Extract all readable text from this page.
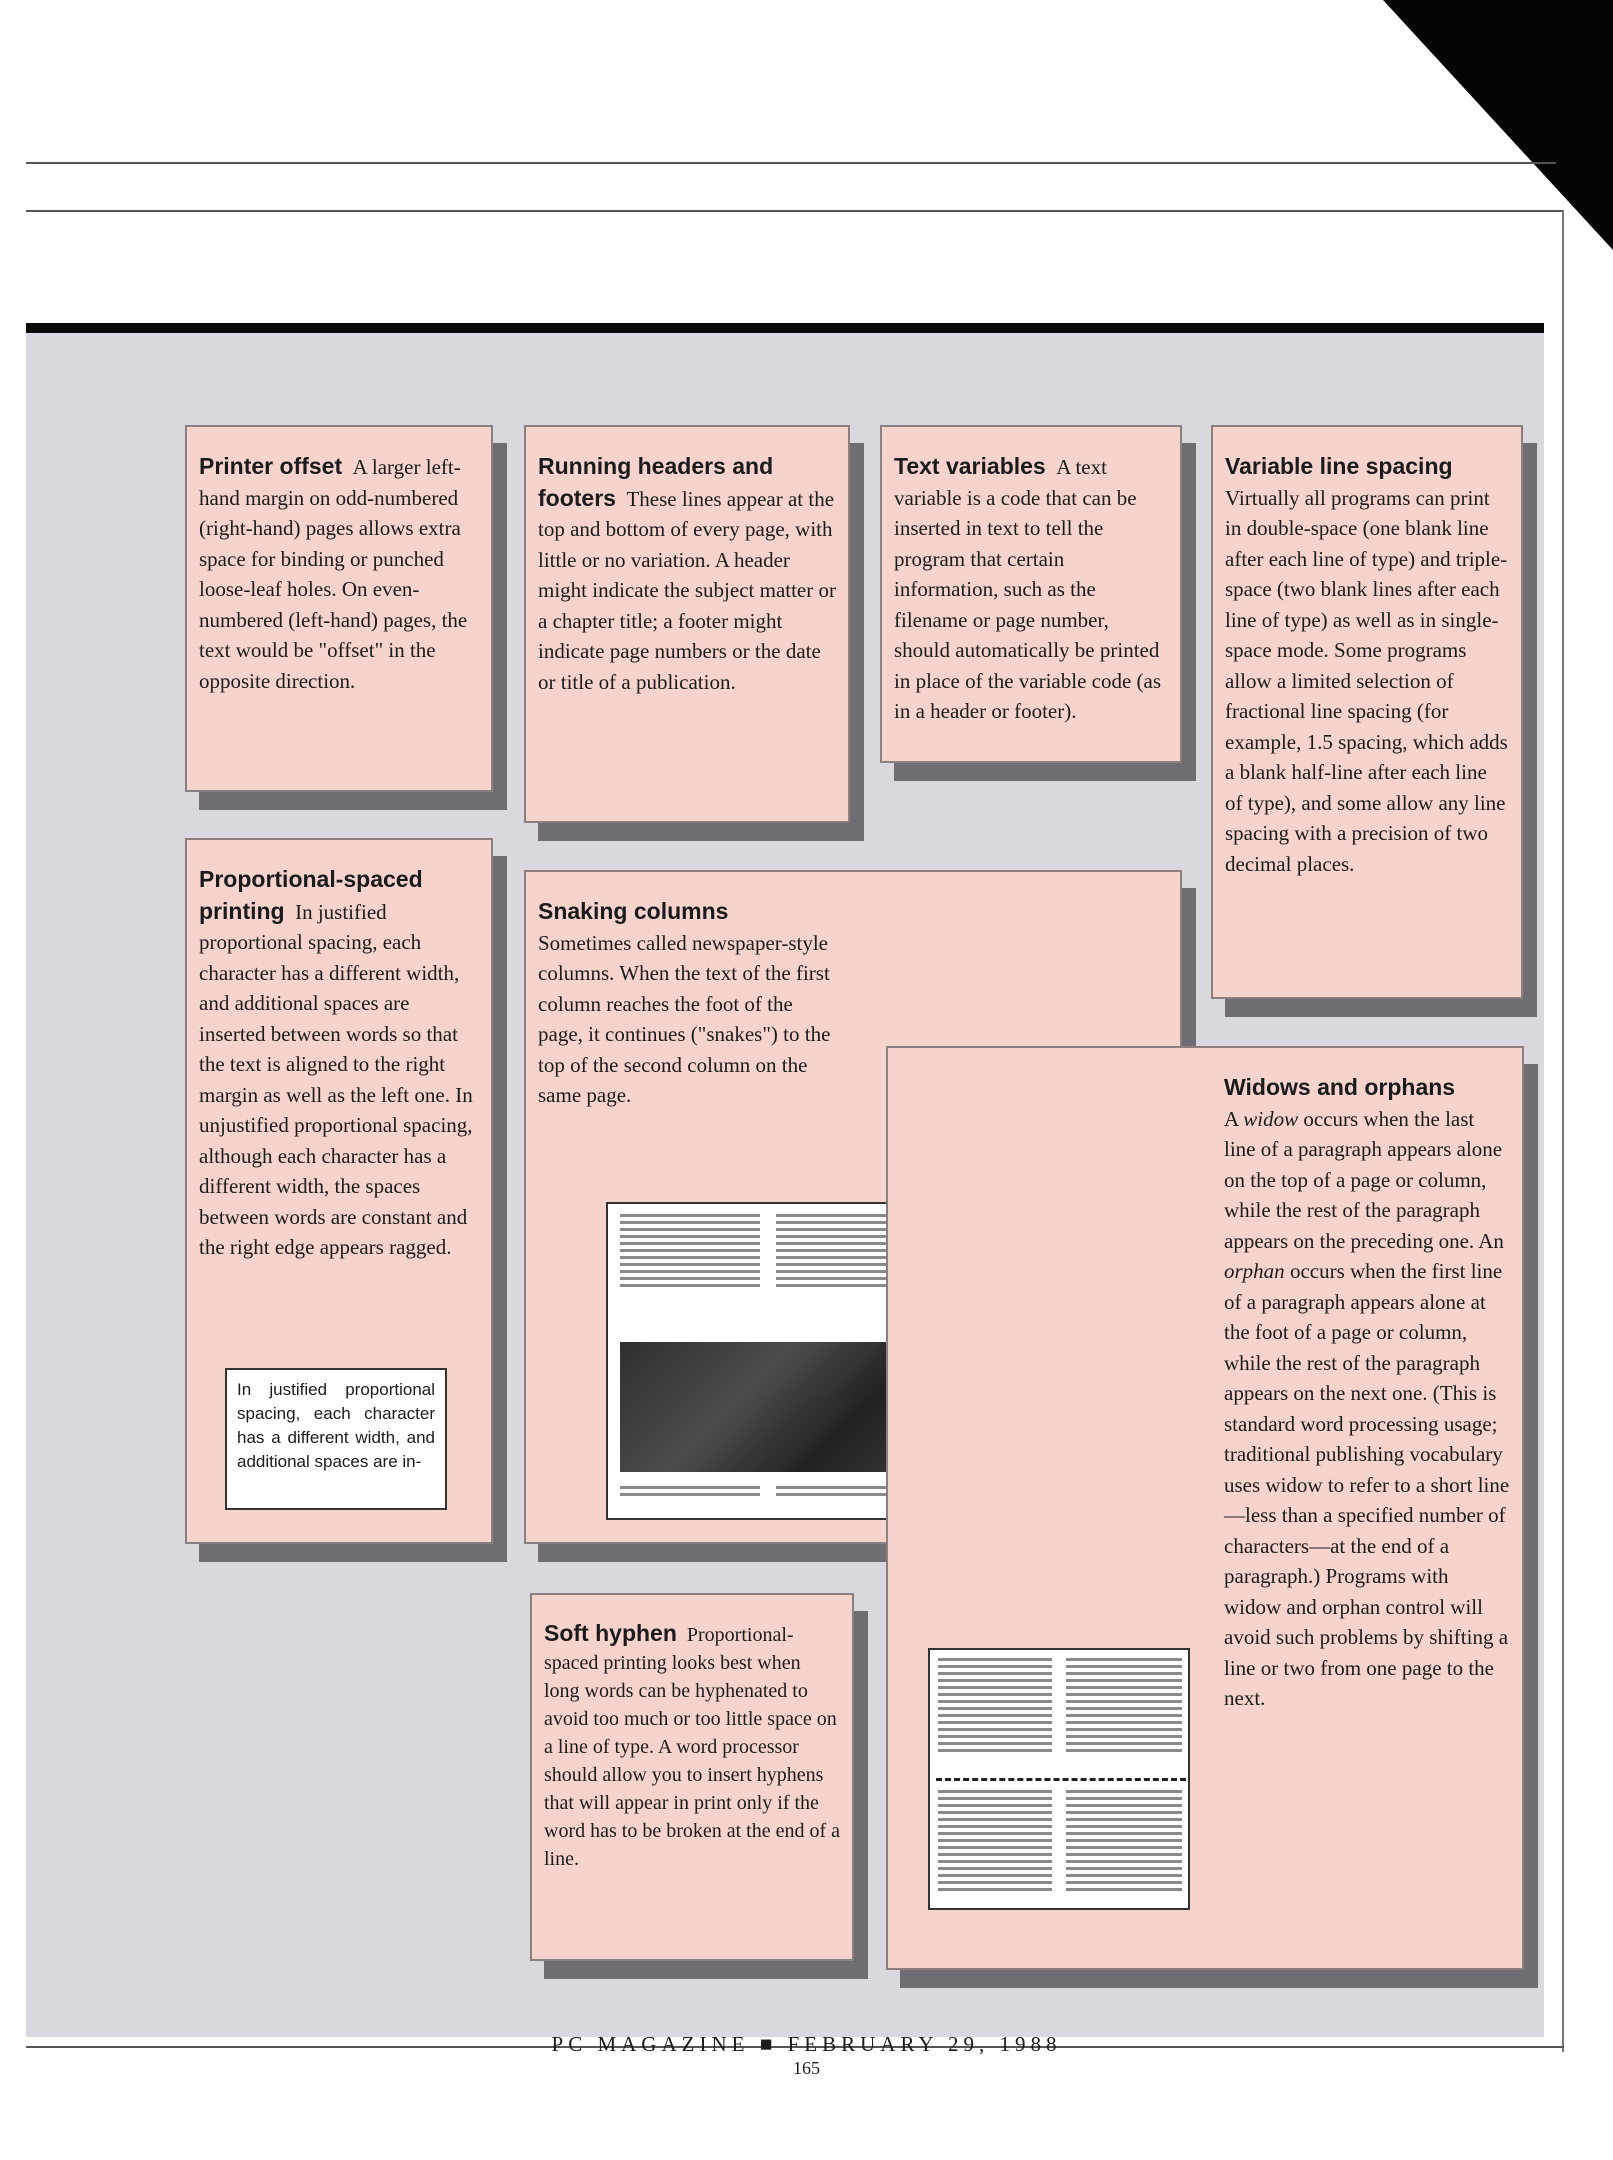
Printer offset A larger left-hand margin on odd-numbered (right-hand) pages allows extra space for binding or punched loose-leaf holes. On even-numbered (left-hand) pages, the text would be "offset" in the opposite direction.

Running headers and footers These lines appear at the top and bottom of every page, with little or no variation. A header might indicate the subject matter or a chapter title; a footer might indicate page numbers or the date or title of a publication.

Text variables A text variable is a code that can be inserted in text to tell the program that certain information, such as the filename or page number, should automatically be printed in place of the variable code (as in a header or footer).

Variable line spacing
Virtually all programs can print in double-space (one blank line after each line of type) and triple-space (two blank lines after each line of type) as well as in single-space mode. Some programs allow a limited selection of fractional line spacing (for example, 1.5 spacing, which adds a blank half-line after each line of type), and some allow any line spacing with a precision of two decimal places.

Proportional-spaced printing In justified proportional spacing, each character has a different width, and additional spaces are inserted between words so that the text is aligned to the right margin as well as the left one. In unjustified proportional spacing, although each character has a different width, the spaces between words are constant and the right edge appears ragged.

In justified proportional spacing, each character has a different width, and additional spaces are in-

Snaking columns
Sometimes called newspaper-style columns. When the text of the first column reaches the foot of the page, it continues ("snakes") to the top of the second column on the same page.	Widows and orphans
A widow occurs when the last line of a paragraph appears alone on the top of a page or column, while the rest of the paragraph appears on the preceding one. An orphan occurs when the first line of a paragraph appears alone at the foot of a page or column, while the rest of the paragraph appears on the next one. (This is standard word processing usage; traditional publishing vocabulary uses widow to refer to a short line—less than a specified number of characters—at the end of a paragraph.) Programs with widow and orphan control will avoid such problems by shifting a line or two from one page to the next.

Soft hyphen Proportional-spaced printing looks best when long words can be hyphenated to avoid too much or too little space on a line of type. A word processor should allow you to insert hyphens that will appear in print only if the word has to be broken at the end of a line.

PC MAGAZINE ■ FEBRUARY 29, 1988
165
